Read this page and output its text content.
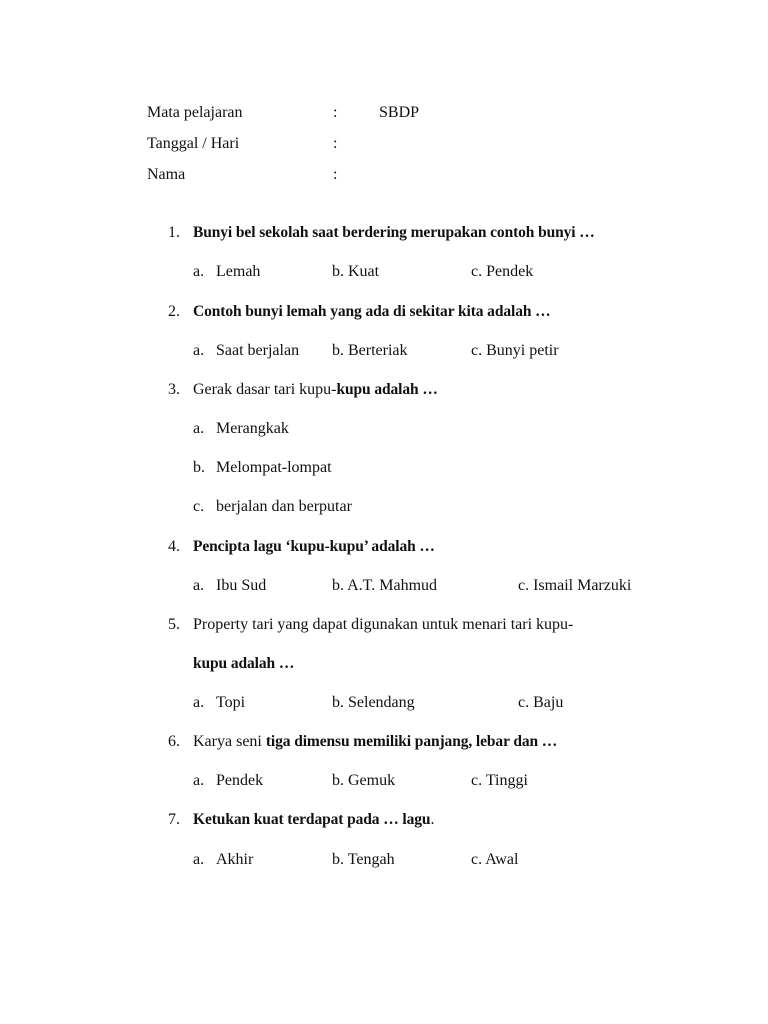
Mata pelajaran	:	SBDP
Tanggal / Hari	:
Nama	:
1. Bunyi bel sekolah saat berdering merupakan contoh bunyi …
a. Lemah	b. Kuat	c. Pendek
2. Contoh bunyi lemah yang ada di sekitar kita adalah …
a. Saat berjalan b. Berteriak	c. Bunyi petir
3. Gerak dasar tari kupu-kupu adalah …
a. Merangkak
b. Melompat-lompat
c. berjalan dan berputar
4. Pencipta lagu ‘kupu-kupu’ adalah …
a. Ibu Sud	b. A.T. Mahmud	c. Ismail Marzuki
5. Property tari yang dapat digunakan untuk menari tari kupu-
kupu adalah …
a. Topi	b. Selendang	c. Baju
6. Karya seni tiga dimensu memiliki panjang, lebar dan …
a. Pendek	b. Gemuk	c. Tinggi
7. Ketukan kuat terdapat pada … lagu.
a. Akhir	b. Tengah	c. Awal
